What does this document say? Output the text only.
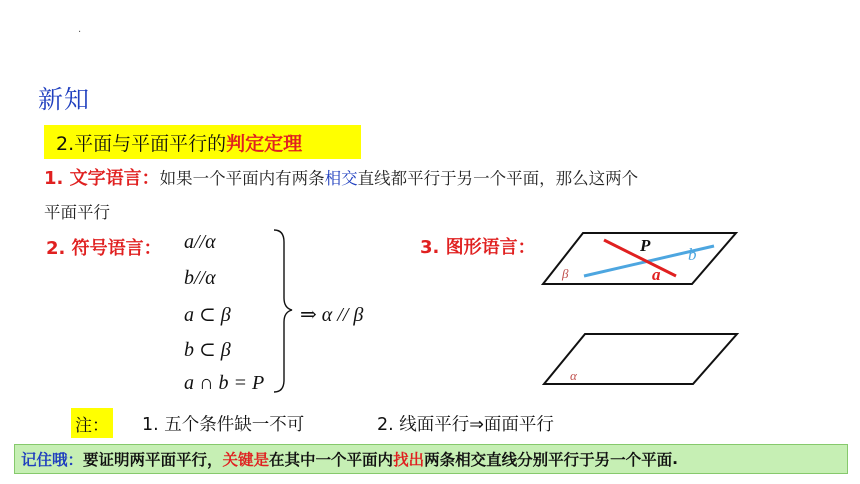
·
新知
2.平面与平面平行的 判定定理
1. 文字语言：如果一个平面内有两条相交直线都平行于另一个平面，那么这两个
平面平行
2. 符号语言： a//α
b//α
a ⊂ β
b ⊂ β
a ∩ b = P
⇒ α // β
3. 图形语言：	P b
a
β
α
注： 1. 五个条件缺一不可	2. 线面平行⇒面面平行
记住哦： 要证明两平面平行， 关键是 在其中一个平面内 找出 两条相交直线分别平行于另一个平面 .
